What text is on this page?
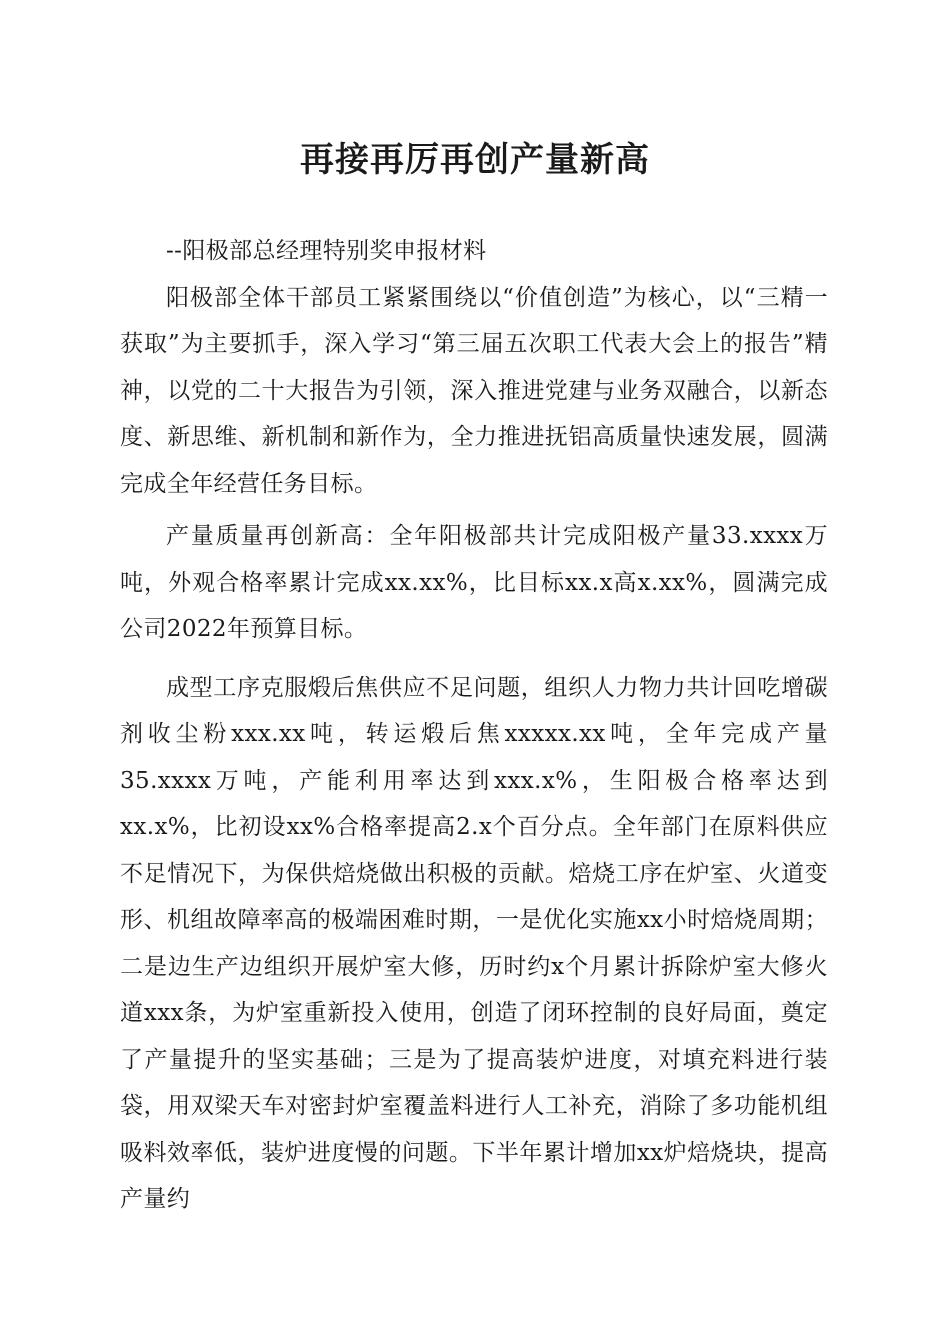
再接再厉再创产量新高

--阳极部总经理特别奖申报材料

阳极部全体干部员工紧紧围绕以“价值创造”为核心，以“三精一获取”为主要抓手，深入学习“第三届五次职工代表大会上的报告”精神，以党的二十大报告为引领，深入推进党建与业务双融合，以新态度、新思维、新机制和新作为，全力推进抚铝高质量快速发展，圆满完成全年经营任务目标。

产量质量再创新高：全年阳极部共计完成阳极产量33.xxxx万吨，外观合格率累计完成xx.xx%，比目标xx.x高x.xx%，圆满完成公司2022年预算目标。

成型工序克服煅后焦供应不足问题，组织人力物力共计回吃增碳剂收尘粉xxx.xx吨，转运煅后焦xxxxx.xx吨，全年完成产量35.xxxx万吨，产能利用率达到xxx.x%，生阳极合格率达到xx.x%，比初设xx%合格率提高2.x个百分点。全年部门在原料供应不足情况下，为保供焙烧做出积极的贡献。焙烧工序在炉室、火道变形、机组故障率高的极端困难时期，一是优化实施xx小时焙烧周期；二是边生产边组织开展炉室大修，历时约x个月累计拆除炉室大修火道xxx条，为炉室重新投入使用，创造了闭环控制的良好局面，奠定了产量提升的坚实基础；三是为了提高装炉进度，对填充料进行装袋，用双梁天车对密封炉室覆盖料进行人工补充，消除了多功能机组吸料效率低，装炉进度慢的问题。下半年累计增加xx炉焙烧块，提高产量约
